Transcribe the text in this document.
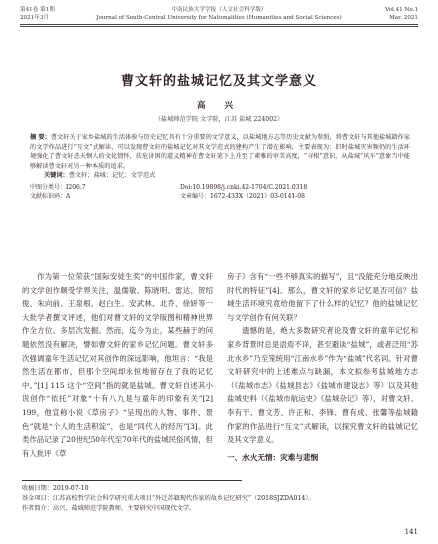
第41卷 第1期
2021年3月
中南民族大学学报（人文社会科学版）
Journal of South-Central University for Nationalities (Humanities and Social Sciences)
Vol.41 No.1
Mar. 2021
曹文轩的盐城记忆及其文学意义
高 兴
（盐城师范学院 文学院，江苏 盐城 224002）
摘 要：曹文轩关于家乡盐城的生活体验与历史记忆具有十分重要的文学意义，以盐城地方志等历史文献为参照，将曹文轩与其他盐城籍作家的文学作品进行“互文”式解读，可以发现曹文轩的盐城记忆对其文学范式的建构产生了潜在影响，主要表现为：旧时盐城灾害频仍的生活环境强化了曹文轩悲天悯人的文化情怀，扶危济困的道义精神在曹文轩笔下上升至了素雅的审美高度，“寻根”意识，从盐城“风车”意象当中能够解读曹文轩对另一种本质的追求。
关键词：曹文轩；盐城；记忆；文学范式
中图分类号：I206.7	Doi:10.19898/j.cnki.42-1704/C.2021.0318
文献标识码：A	文章编号：1672-433X（2021）03-0141-08

作为第一位荣获“国际安徒生奖”的中国作家，曹文轩的文学创作颇受学界关注，温儒敏、陈晓明、雷达、贺绍俊、朱向前、王泉根、赵白生、安武林、北乔、徐妍等一大批学者撰文评述，他们对曹文轩的文学版图和精神世界作全方位、多层次发掘。然而，迄今为止，某些赫于的问题依然没有解决，譬如曹文轩的家乡记忆问题。曹文轩多次强调童年生活记忆对其创作的深远影响，他坦言：“我是然生活在都市，但那个空间却永恒地留存在了我的记忆中。”[1] 115 这个“空间”指的就是盐城。曹文轩自述其小说创作“依托”对象“十有八九是与童年的印象有关”[2] 199，他宣称小说《草房子》“呈现出的人物、事件、景色”就是“个人的生活积淀”，也是“同代人的经历”[3]。此类作品记录了20世纪50年代至70年代的盐城民俗风情，但有人批评《草

房子》含有“一些不够真实的描写”，且“没能充分地反映出时代的特征”[4]。那么，曹文轩的家乡记忆是否可信？盐城生活环境究竟给他留下了什么样的记忆？他的盐城记忆与文学创作有何关联？

遗憾的是，绝大多数研究者论及曹文轩的童年记忆和家乡背景时总是语焉不详，甚至避谈“盐城”，或者泛用“苏北水乡”乃至笼统用“江南水乡”作为“盐城”代名词。针对曹文轩研究中的上述难点与缺漏，本文拟参考盐城地方志（《盐城市志》《盐城县志》《盐城市建设志》等）以及其他盐城史料（《盐城市航运史》《盐城杂记》等），对曹文轩、李有干、曹文芳、许正和、李锋、曹有成、张馨等盐城籍作家的作品进行“互文”式解读，以探究曹文轩的盐城记忆及其文学意义。

一、水火无情：灾难与悲悯
收稿日期：2019-07-10
基金项目：江苏高校哲学社会科学研究重大项目“外迁苏籍现代作家的故乡记忆研究”（2018SJZDA014）。
作者简介：高兴，盐城师范学院教师，主要研究中国现代文学。
141
